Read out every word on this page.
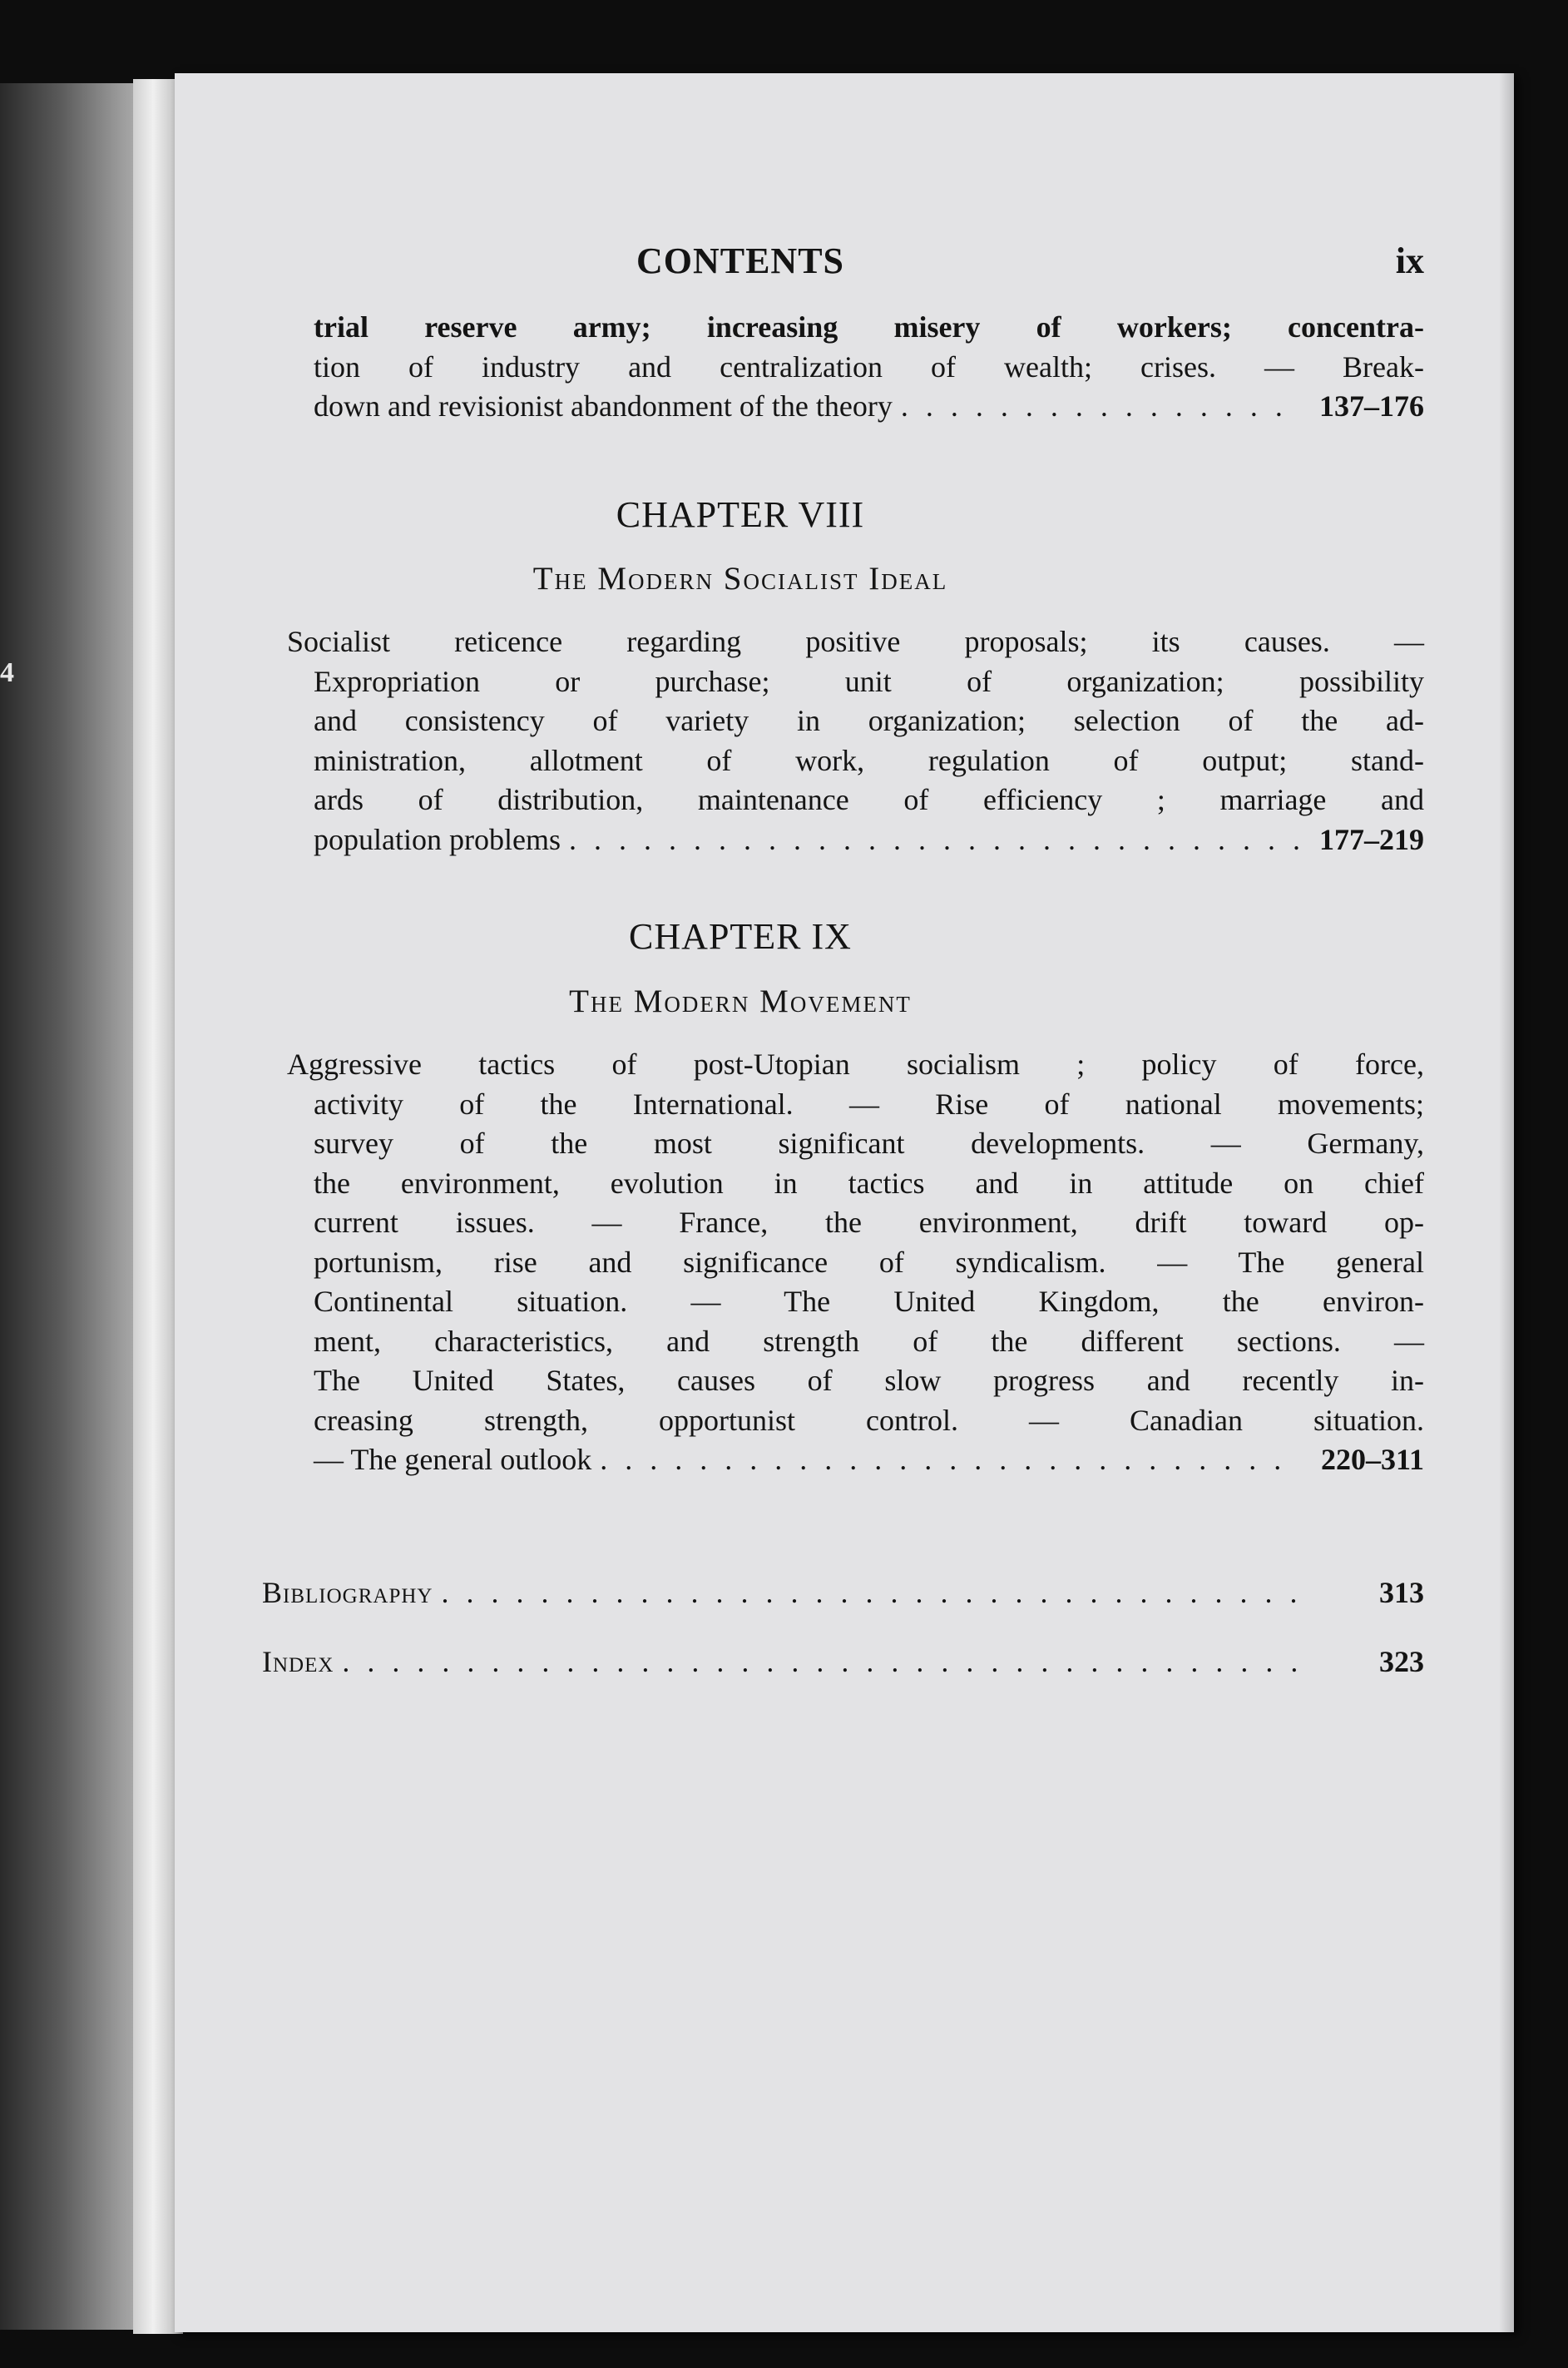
4
CONTENTS	ix
trial reserve army; increasing misery of workers; concentra-
tion of industry and centralization of wealth; crises. — Break-
down and revisionist abandonment of the theory . . .	137–176
CHAPTER VIII
The Modern Socialist Ideal
Socialist reticence regarding positive proposals; its causes. —
Expropriation or purchase; unit of organization; possibility
and consistency of variety in organization; selection of the ad-
ministration, allotment of work, regulation of output; stand-
ards of distribution, maintenance of efficiency ; marriage and
population problems . . .	177–219
CHAPTER IX
The Modern Movement
Aggressive tactics of post-Utopian socialism ; policy of force,
activity of the International. — Rise of national movements;
survey of the most significant developments. — Germany,
the environment, evolution in tactics and in attitude on chief
current issues. — France, the environment, drift toward op-
portunism, rise and significance of syndicalism. — The general
Continental situation. — The United Kingdom, the environ-
ment, characteristics, and strength of the different sections. —
The United States, causes of slow progress and recently in-
creasing strength, opportunist control. — Canadian situation.
— The general outlook . . .	220–311
Bibliography . . .	313
Index . . .	323
